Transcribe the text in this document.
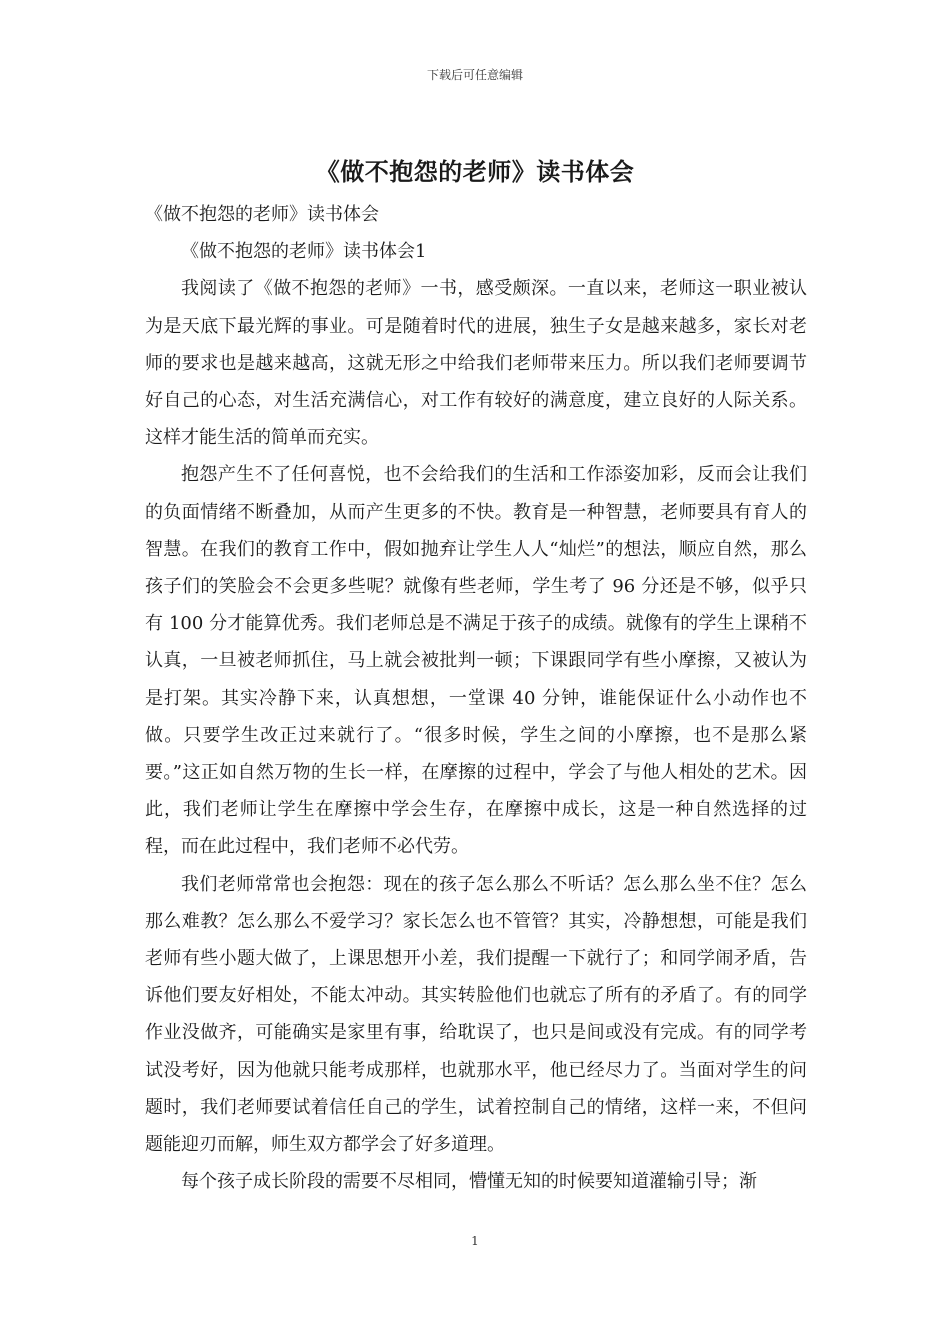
下载后可任意编辑
《做不抱怨的老师》读书体会

《做不抱怨的老师》读书体会

《做不抱怨的老师》读书体会1

我阅读了《做不抱怨的老师》一书，感受颇深。一直以来，老师这一职业被认为是天底下最光辉的事业。可是随着时代的进展，独生子女是越来越多，家长对老师的要求也是越来越高，这就无形之中给我们老师带来压力。所以我们老师要调节好自己的心态，对生活充满信心，对工作有较好的满意度，建立良好的人际关系。这样才能生活的简单而充实。

抱怨产生不了任何喜悦，也不会给我们的生活和工作添姿加彩，反而会让我们的负面情绪不断叠加，从而产生更多的不快。教育是一种智慧，老师要具有育人的智慧。在我们的教育工作中，假如抛弃让学生人人“灿烂”的想法，顺应自然，那么孩子们的笑脸会不会更多些呢？就像有些老师，学生考了 96 分还是不够，似乎只有 100 分才能算优秀。我们老师总是不满足于孩子的成绩。就像有的学生上课稍不认真，一旦被老师抓住，马上就会被批判一顿；下课跟同学有些小摩擦，又被认为是打架。其实冷静下来，认真想想，一堂课 40 分钟，谁能保证什么小动作也不做。只要学生改正过来就行了。“很多时候，学生之间的小摩擦，也不是那么紧要。”这正如自然万物的生长一样，在摩擦的过程中，学会了与他人相处的艺术。因此，我们老师让学生在摩擦中学会生存，在摩擦中成长，这是一种自然选择的过程，而在此过程中，我们老师不必代劳。

我们老师常常也会抱怨：现在的孩子怎么那么不听话？怎么那么坐不住？怎么那么难教？怎么那么不爱学习？家长怎么也不管管？其实，冷静想想，可能是我们老师有些小题大做了，上课思想开小差，我们提醒一下就行了；和同学闹矛盾，告诉他们要友好相处，不能太冲动。其实转脸他们也就忘了所有的矛盾了。有的同学作业没做齐，可能确实是家里有事，给耽误了，也只是间或没有完成。有的同学考试没考好，因为他就只能考成那样，也就那水平，他已经尽力了。当面对学生的问题时，我们老师要试着信任自己的学生，试着控制自己的情绪，这样一来，不但问题能迎刃而解，师生双方都学会了好多道理。

每个孩子成长阶段的需要不尽相同，懵懂无知的时候要知道灌输引导；渐

1
